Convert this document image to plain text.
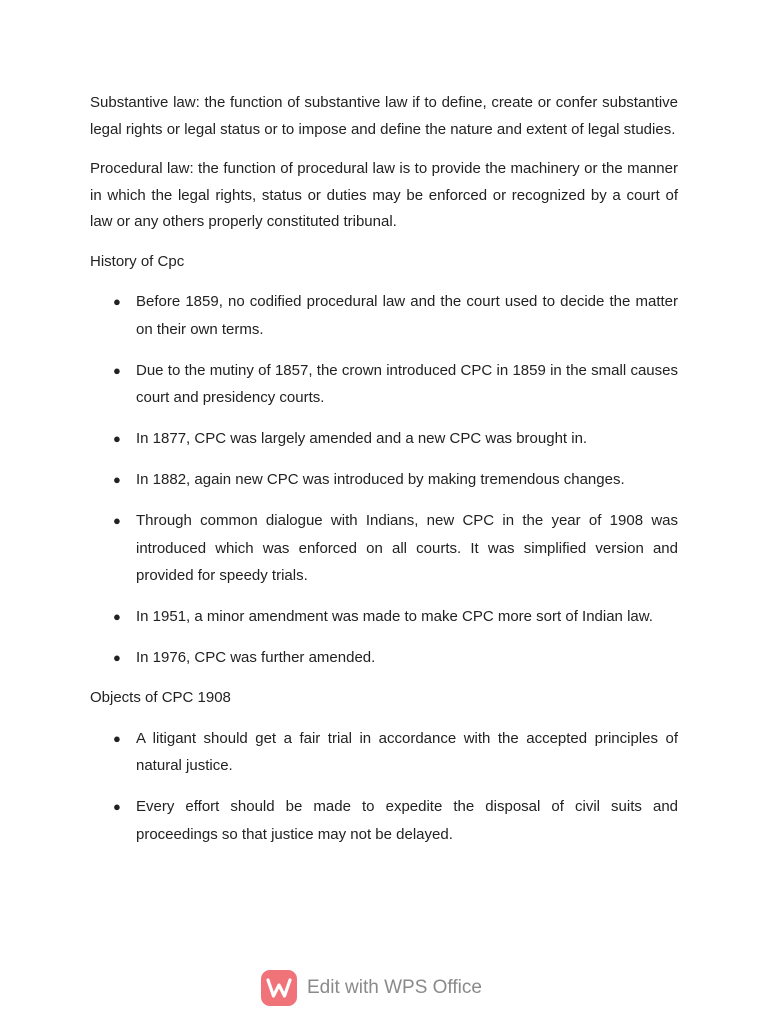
Substantive law: the function of substantive law if to define, create or confer substantive legal rights or legal status or to impose and define the nature and extent of legal studies.

Procedural law: the function of procedural law is to provide the machinery or the manner in which the legal rights, status or duties may be enforced or recognized by a court of law or any others properly constituted tribunal.

History of Cpc
● Before 1859, no codified procedural law and the court used to decide the matter on their own terms.
● Due to the mutiny of 1857, the crown introduced CPC in 1859 in the small causes court and presidency courts.
● In 1877, CPC was largely amended and a new CPC was brought in.
● In 1882, again new CPC was introduced by making tremendous changes.
● Through common dialogue with Indians, new CPC in the year of 1908 was introduced which was enforced on all courts. It was simplified version and provided for speedy trials.
● In 1951, a minor amendment was made to make CPC more sort of Indian law.
● In 1976, CPC was further amended.
Objects of CPC 1908
● A litigant should get a fair trial in accordance with the accepted principles of natural justice.
● Every effort should be made to expedite the disposal of civil suits and proceedings so that justice may not be delayed.
Edit with WPS Office
